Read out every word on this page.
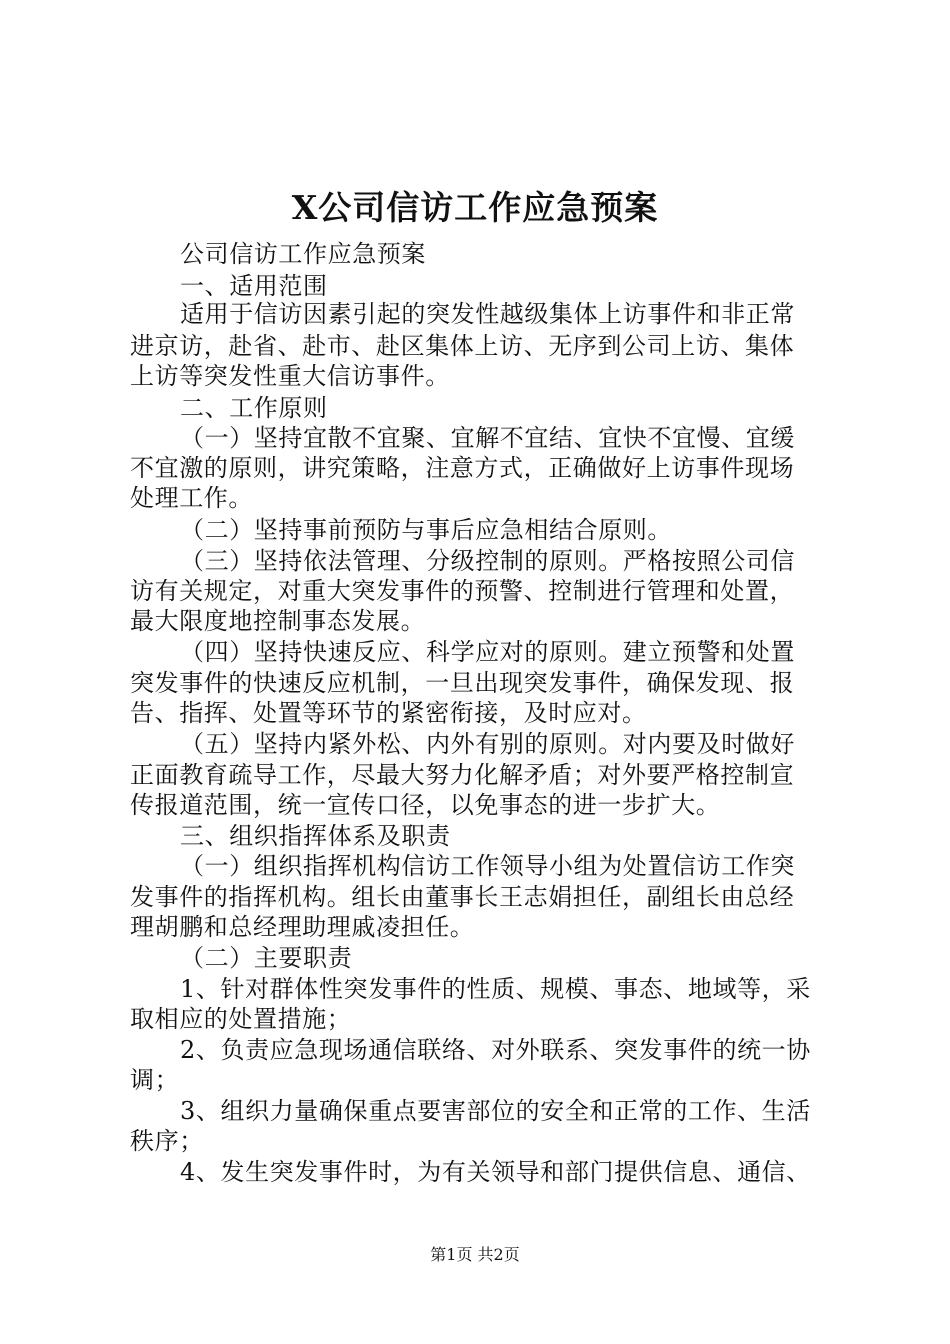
X公司信访工作应急预案
公司信访工作应急预案
一、适用范围
适用于信访因素引起的突发性越级集体上访事件和非正常
进京访，赴省、赴市、赴区集体上访、无序到公司上访、集体
上访等突发性重大信访事件。
二、工作原则
（一）坚持宜散不宜聚、宜解不宜结、宜快不宜慢、宜缓
不宜激的原则，讲究策略，注意方式，正确做好上访事件现场
处理工作。
（二）坚持事前预防与事后应急相结合原则。
（三）坚持依法管理、分级控制的原则。严格按照公司信
访有关规定，对重大突发事件的预警、控制进行管理和处置，
最大限度地控制事态发展。
（四）坚持快速反应、科学应对的原则。建立预警和处置
突发事件的快速反应机制，一旦出现突发事件，确保发现、报
告、指挥、处置等环节的紧密衔接，及时应对。
（五）坚持内紧外松、内外有别的原则。对内要及时做好
正面教育疏导工作，尽最大努力化解矛盾；对外要严格控制宣
传报道范围，统一宣传口径，以免事态的进一步扩大。
三、组织指挥体系及职责
（一）组织指挥机构信访工作领导小组为处置信访工作突
发事件的指挥机构。组长由董事长王志娟担任，副组长由总经
理胡鹏和总经理助理戚凌担任。
（二）主要职责
1、针对群体性突发事件的性质、规模、事态、地域等，采
取相应的处置措施；
2、负责应急现场通信联络、对外联系、突发事件的统一协
调；
3、组织力量确保重点要害部位的安全和正常的工作、生活
秩序；
4、发生突发事件时，为有关领导和部门提供信息、通信、
第1页 共2页
